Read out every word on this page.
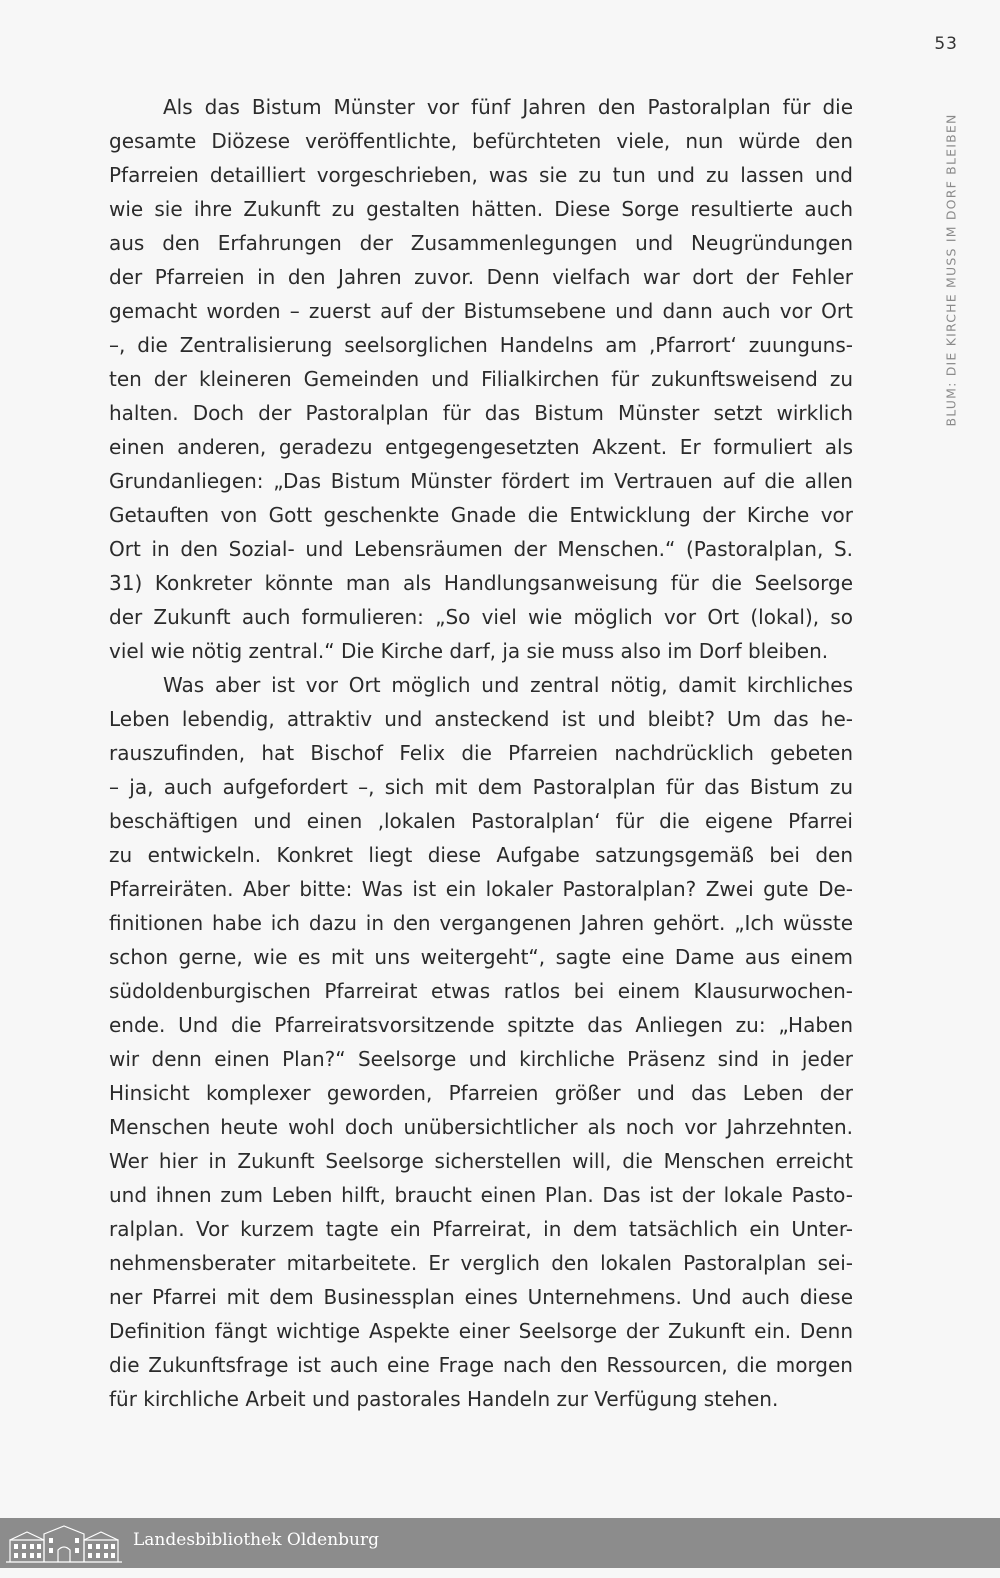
53
BLUM: DIE KIRCHE MUSS IM DORF BLEIBEN
Als das Bistum Münster vor fünf Jahren den Pastoralplan für die
gesamte Diözese veröffentlichte, befürchteten viele, nun würde den
Pfarreien detailliert vorgeschrieben, was sie zu tun und zu lassen und
wie sie ihre Zukunft zu gestalten hätten. Diese Sorge resultierte auch
aus den Erfahrungen der Zusammenlegungen und Neugründungen
der Pfarreien in den Jahren zuvor. Denn vielfach war dort der Fehler
gemacht worden – zuerst auf der Bistumsebene und dann auch vor Ort
–, die Zentralisierung seelsorglichen Handelns am ‚Pfarrort‘ zuunguns-
ten der kleineren Gemeinden und Filialkirchen für zukunftsweisend zu
halten. Doch der Pastoralplan für das Bistum Münster setzt wirklich
einen anderen, geradezu entgegengesetzten Akzent. Er formuliert als
Grundanliegen: „Das Bistum Münster fördert im Vertrauen auf die allen
Getauften von Gott geschenkte Gnade die Entwicklung der Kirche vor
Ort in den Sozial- und Lebensräumen der Menschen.“ (Pastoralplan, S.
31) Konkreter könnte man als Handlungsanweisung für die Seelsorge
der Zukunft auch formulieren: „So viel wie möglich vor Ort (lokal), so
viel wie nötig zentral.“ Die Kirche darf, ja sie muss also im Dorf bleiben.
Was aber ist vor Ort möglich und zentral nötig, damit kirchliches
Leben lebendig, attraktiv und ansteckend ist und bleibt? Um das he-
rauszufinden, hat Bischof Felix die Pfarreien nachdrücklich gebeten
– ja, auch aufgefordert –, sich mit dem Pastoralplan für das Bistum zu
beschäftigen und einen ‚lokalen Pastoralplan‘ für die eigene Pfarrei
zu entwickeln. Konkret liegt diese Aufgabe satzungsgemäß bei den
Pfarreiräten. Aber bitte: Was ist ein lokaler Pastoralplan? Zwei gute De-
finitionen habe ich dazu in den vergangenen Jahren gehört. „Ich wüsste
schon gerne, wie es mit uns weitergeht“, sagte eine Dame aus einem
südoldenburgischen Pfarreirat etwas ratlos bei einem Klausurwochen-
ende. Und die Pfarreiratsvorsitzende spitzte das Anliegen zu: „Haben
wir denn einen Plan?“ Seelsorge und kirchliche Präsenz sind in jeder
Hinsicht komplexer geworden, Pfarreien größer und das Leben der
Menschen heute wohl doch unübersichtlicher als noch vor Jahrzehnten.
Wer hier in Zukunft Seelsorge sicherstellen will, die Menschen erreicht
und ihnen zum Leben hilft, braucht einen Plan. Das ist der lokale Pasto-
ralplan. Vor kurzem tagte ein Pfarreirat, in dem tatsächlich ein Unter-
nehmensberater mitarbeitete. Er verglich den lokalen Pastoralplan sei-
ner Pfarrei mit dem Businessplan eines Unternehmens. Und auch diese
Definition fängt wichtige Aspekte einer Seelsorge der Zukunft ein. Denn
die Zukunftsfrage ist auch eine Frage nach den Ressourcen, die morgen
für kirchliche Arbeit und pastorales Handeln zur Verfügung stehen.
Landesbibliothek Oldenburg
